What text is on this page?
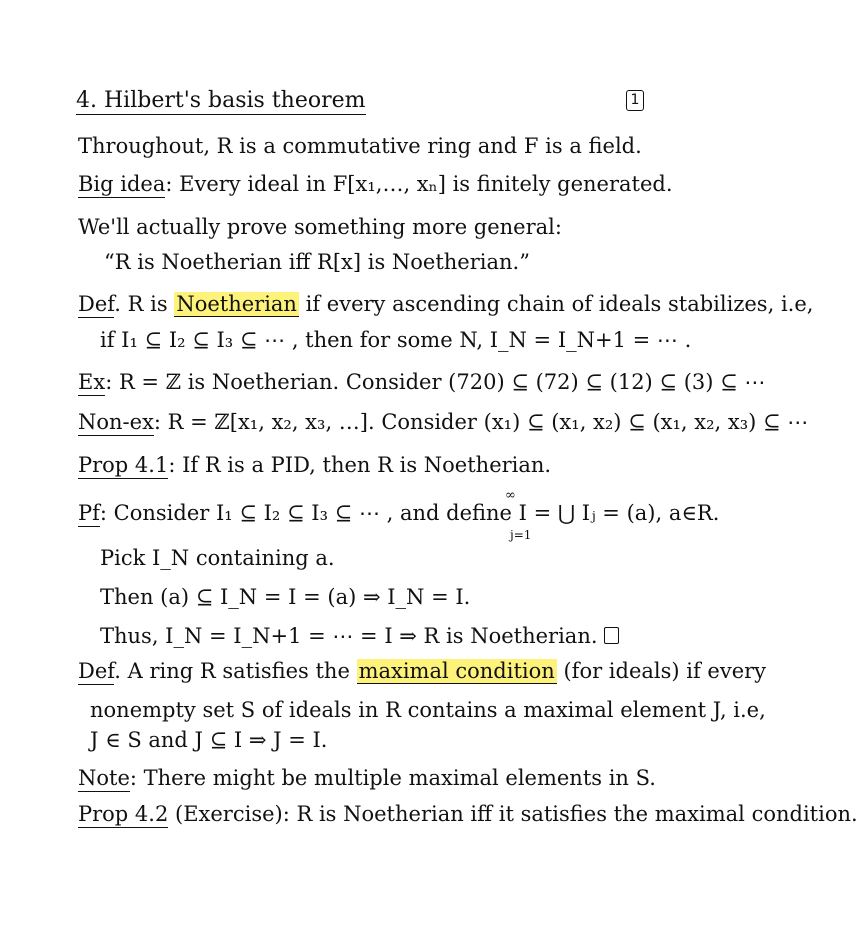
1
4. Hilbert's basis theorem
Throughout, R is a commutative ring and F is a field.
Big idea: Every ideal in F[x₁,…, xₙ] is finitely generated.
We'll actually prove something more general:
“R is Noetherian iff R[x] is Noetherian.”
Def. R is Noetherian if every ascending chain of ideals stabilizes, i.e,
if I₁ ⊆ I₂ ⊆ I₃ ⊆ ⋯ , then for some N, I_N = I_N+1 = ⋯ .
Ex: R = ℤ is Noetherian. Consider (720) ⊆ (72) ⊆ (12) ⊆ (3) ⊆ ⋯
Non-ex: R = ℤ[x₁, x₂, x₃, …]. Consider (x₁) ⊆ (x₁, x₂) ⊆ (x₁, x₂, x₃) ⊆ ⋯
Prop 4.1: If R is a PID, then R is Noetherian.
Pf: Consider I₁ ⊆ I₂ ⊆ I₃ ⊆ ⋯ , and define I = ⋃ Iⱼ = (a), a∈R.
∞
j=1
Pick I_N containing a.
Then (a) ⊆ I_N = I = (a) ⇒ I_N = I.
Thus, I_N = I_N+1 = ⋯ = I ⇒ R is Noetherian.
Def. A ring R satisfies the maximal condition (for ideals) if every
nonempty set S of ideals in R contains a maximal element J, i.e,
J ∈ S and J ⊆ I ⇒ J = I.
Note: There might be multiple maximal elements in S.
Prop 4.2 (Exercise): R is Noetherian iff it satisfies the maximal condition.
